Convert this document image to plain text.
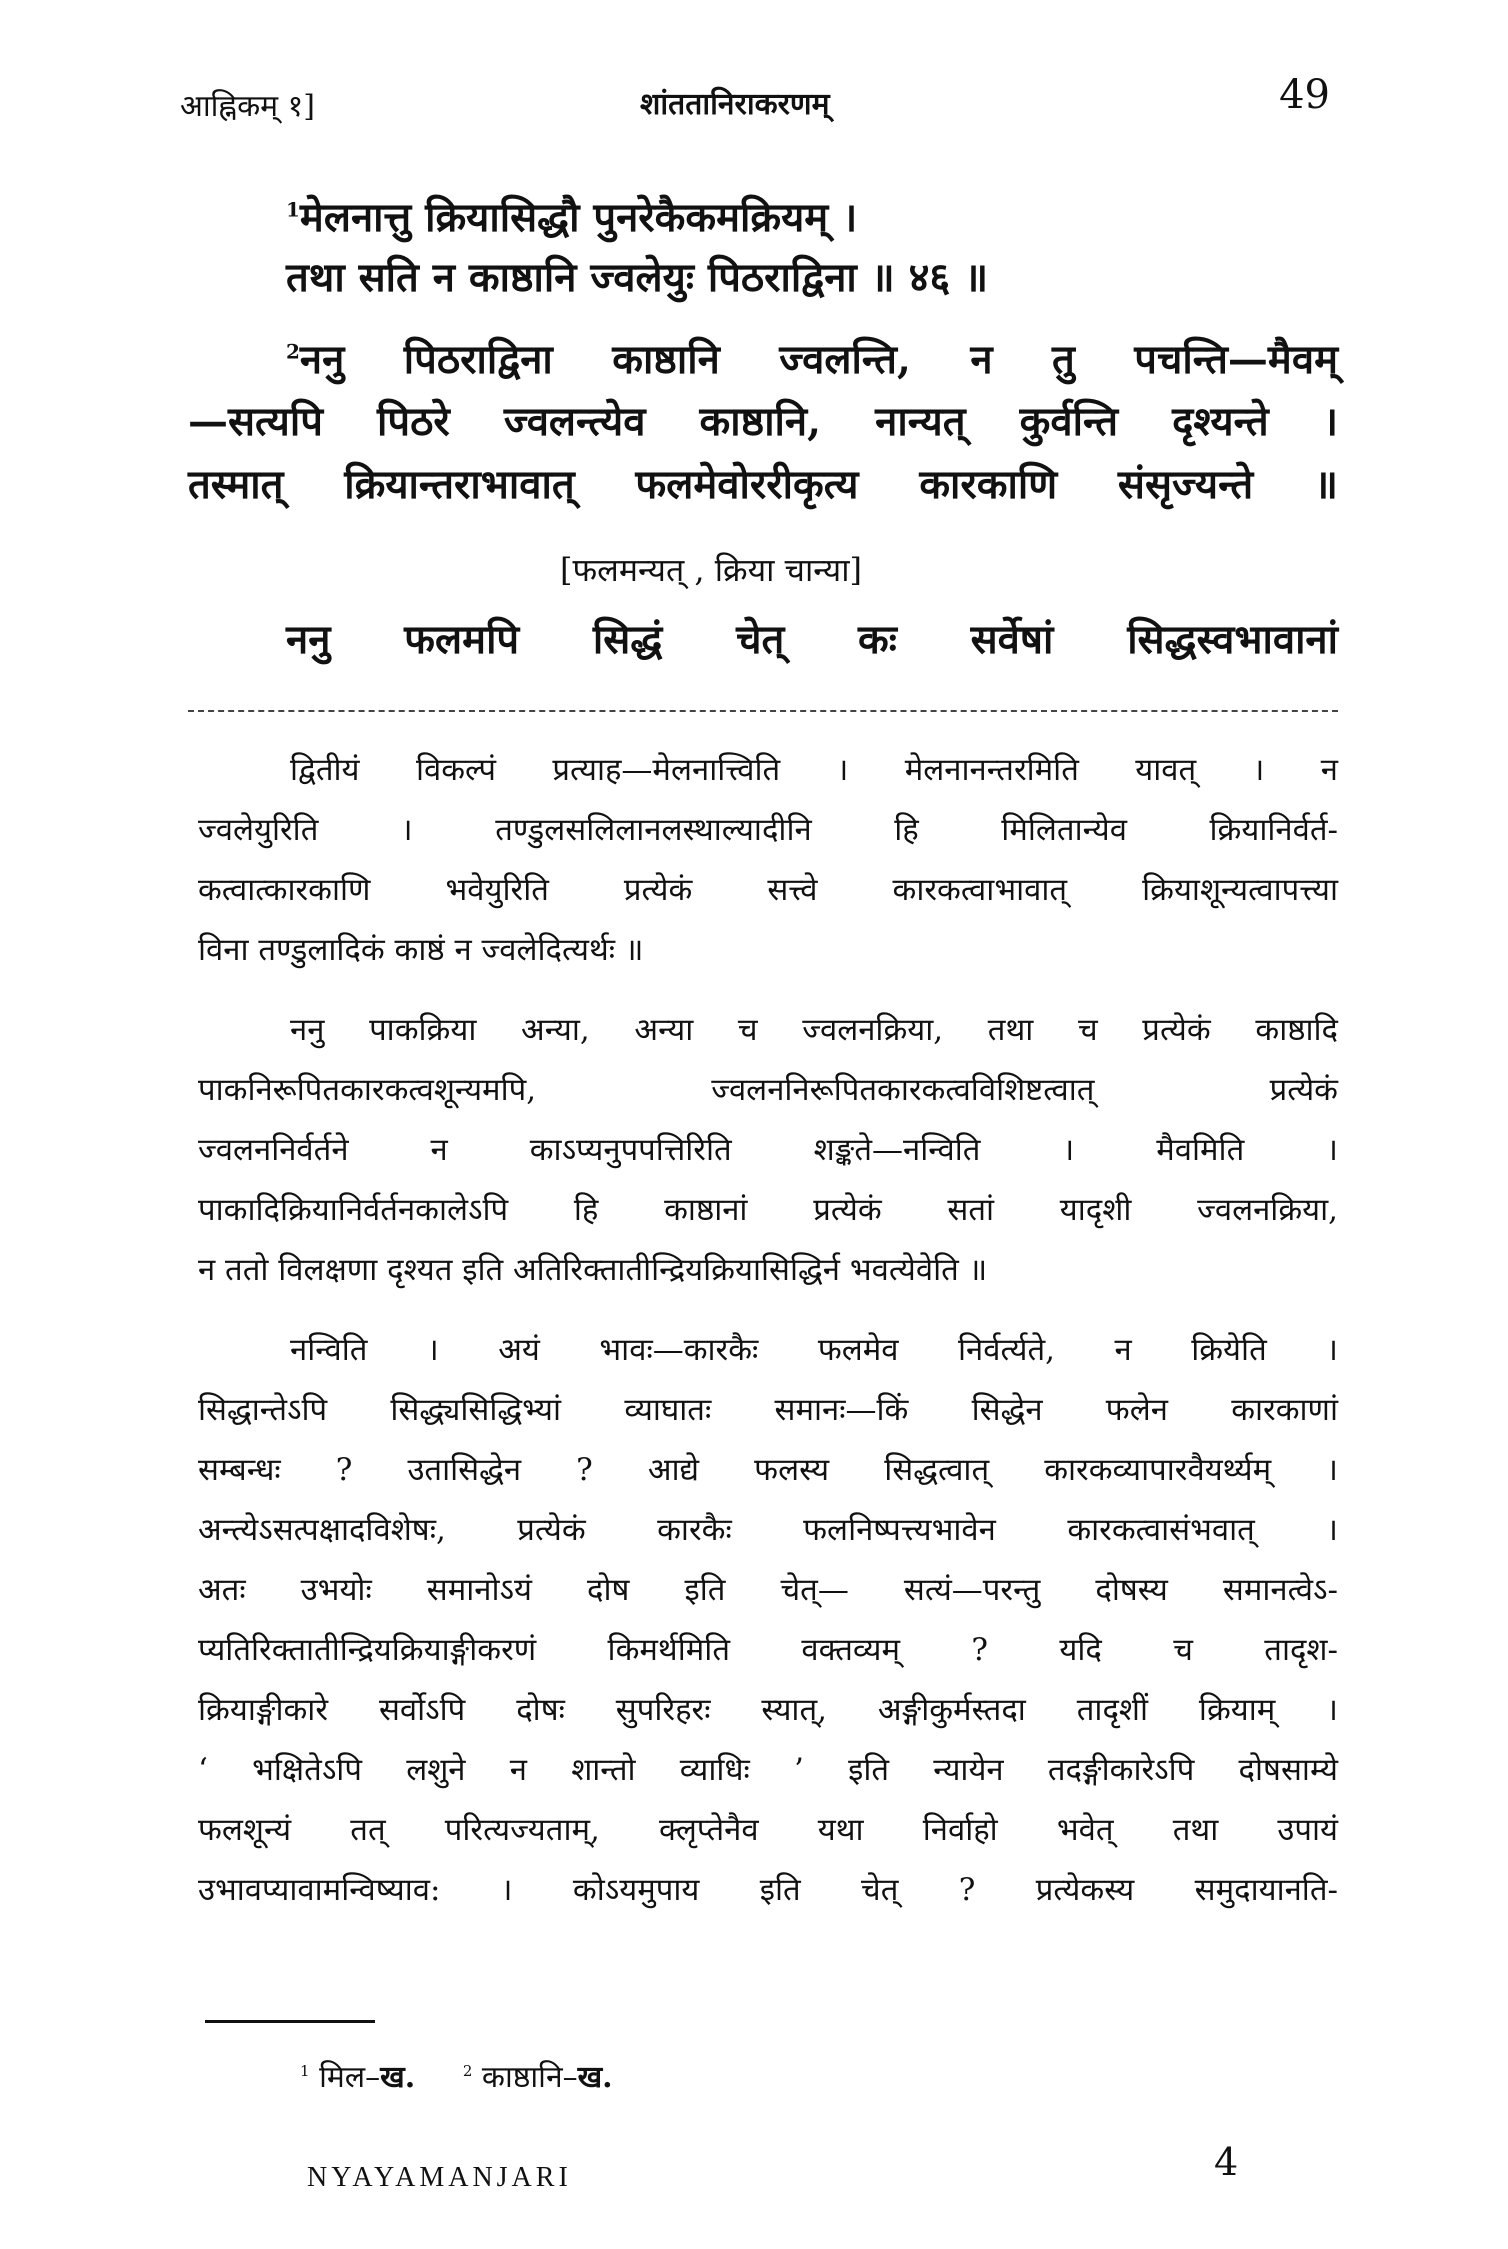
आह्निकम् १]	शांततानिराकरणम्	49
$^1$मेलनात्तु क्रियासिद्धौ पुनरेकैकमक्रियम् ।
तथा सति न काष्ठानि ज्वलेयुः पिठराद्विना ॥ ४६ ॥
$^2$ननु पिठराद्विना काष्ठानि ज्वलन्ति, न तु पचन्ति—मैवम्
—सत्यपि पिठरे ज्वलन्त्येव काष्ठानि, नान्यत् कुर्वन्ति दृश्यन्ते ।
तस्मात् क्रियान्तराभावात् फलमेवोररीकृत्य कारकाणि संसृज्यन्ते ॥
ननु फलमपि सिद्धं चेत् कः सर्वेषां सिद्धस्वभावानां
[फलमन्यत् , क्रिया चान्या]
द्वितीयं विकल्पं प्रत्याह—मेलनात्त्विति । मेलनानन्तरमिति यावत् । न
ज्वलेयुरिति । तण्डुलसलिलानलस्थाल्यादीनि हि मिलितान्येव क्रियानिर्वर्त-
कत्वात्कारकाणि भवेयुरिति प्रत्येकं सत्त्वे कारकत्वाभावात् क्रियाशून्यत्वापत्त्या
विना तण्डुलादिकं काष्ठं न ज्वलेदित्यर्थः ॥
ननु पाकक्रिया अन्या, अन्या च ज्वलनक्रिया, तथा च प्रत्येकं काष्ठादि
पाकनिरूपितकारकत्वशून्यमपि, ज्वलननिरूपितकारकत्वविशिष्टत्वात् प्रत्येकं
ज्वलननिर्वर्तने न काऽप्यनुपपत्तिरिति शङ्कते—नन्विति । मैवमिति ।
पाकादिक्रियानिर्वर्तनकालेऽपि हि काष्ठानां प्रत्येकं सतां यादृशी ज्वलनक्रिया,
न ततो विलक्षणा दृश्यत इति अतिरिक्तातीन्द्रियक्रियासिद्धिर्न भवत्येवेति ॥
नन्विति । अयं भावः—कारकैः फलमेव निर्वर्त्यते, न क्रियेति ।
सिद्धान्तेऽपि सिद्ध्यसिद्धिभ्यां व्याघातः समानः—किं सिद्धेन फलेन कारकाणां
सम्बन्धः ? उतासिद्धेन ? आद्ये फलस्य सिद्धत्वात् कारकव्यापारवैयर्थ्यम् ।
अन्त्येऽसत्पक्षादविशेषः, प्रत्येकं कारकैः फलनिष्पत्त्यभावेन कारकत्वासंभवात् ।
अतः उभयोः समानोऽयं दोष इति चेत्— सत्यं—परन्तु दोषस्य समानत्वेऽ-
प्यतिरिक्तातीन्द्रियक्रियाङ्गीकरणं किमर्थमिति वक्तव्यम् ? यदि च तादृश-
क्रियाङ्गीकारे सर्वोऽपि दोषः सुपरिहरः स्यात्, अङ्गीकुर्मस्तदा तादृशीं क्रियाम् ।
‘ भक्षितेऽपि लशुने न शान्तो व्याधिः ’ इति न्यायेन तदङ्गीकारेऽपि दोषसाम्ये
फलशून्यं तत् परित्यज्यताम्, क्लृप्तेनैव यथा निर्वाहो भवेत् तथा उपायं
उभावप्यावामन्विष्याव: । कोऽयमुपाय इति चेत् ? प्रत्येकस्य समुदायानति-
$^1$ मिल–ख.	$^2$ काष्ठानि–ख.
NYAYAMANJARI	4
